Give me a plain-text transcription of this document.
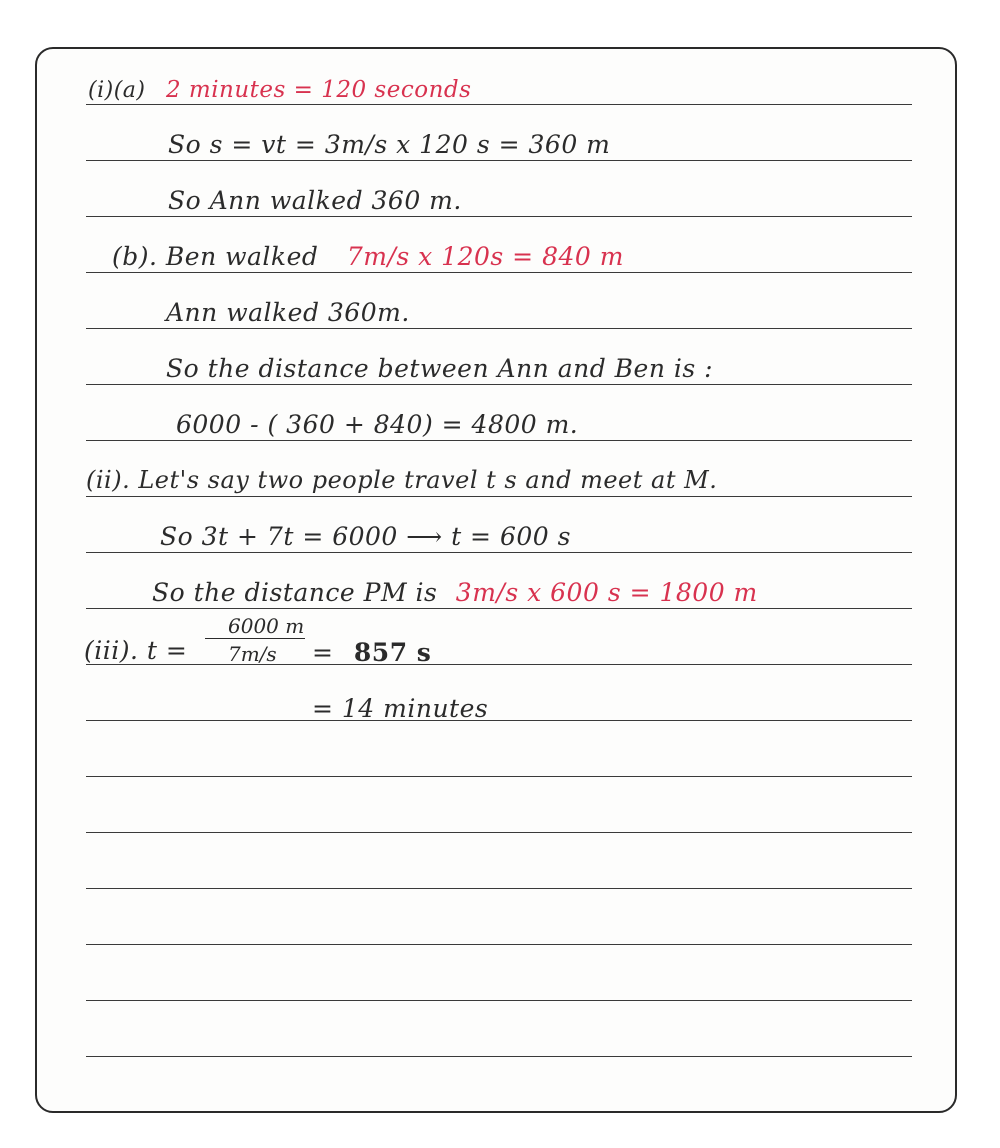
(i)(a) 2 minutes = 120 seconds
So s = vt = 3m/s x 120 s = 360 m
So Ann walked 360 m.
(b). Ben walked 7m/s x 120s = 840 m
Ann walked 360m.
So the distance between Ann and Ben is :
6000 - ( 360 + 840) = 4800 m.
(ii). Let's say two people travel t s and meet at M.
So 3t + 7t = 6000 ⟶ t = 600 s
So the distance PM is 3m/s x 600 s = 1800 m
(iii). t =
6000 m
7m/s = 857 s
= 14 minutes
